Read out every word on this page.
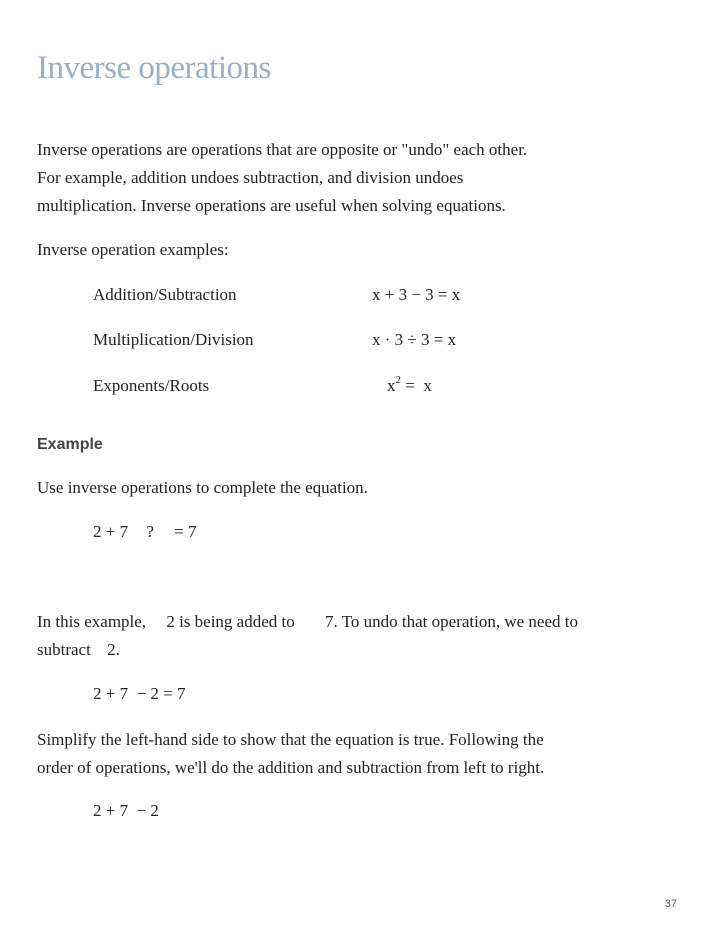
Inverse operations
Inverse operations are operations that are opposite or "undo" each other.
For example, addition undoes subtraction, and division undoes
multiplication. Inverse operations are useful when solving equations.
Inverse operation examples:
Addition/Subtraction	x + 3 − 3 = x
Multiplication/Division	x · 3 ÷ 3 = x
Exponents/Roots	$x^2 = x$
Example
Use inverse operations to complete the equation.
2 + 7 ? = 7
In this example, 2 is being added to 7. To undo that operation, we need to
subtract 2.
2 + 7  − 2 = 7
Simplify the left-hand side to show that the equation is true. Following the
order of operations, we'll do the addition and subtraction from left to right.
2 + 7  − 2
37
